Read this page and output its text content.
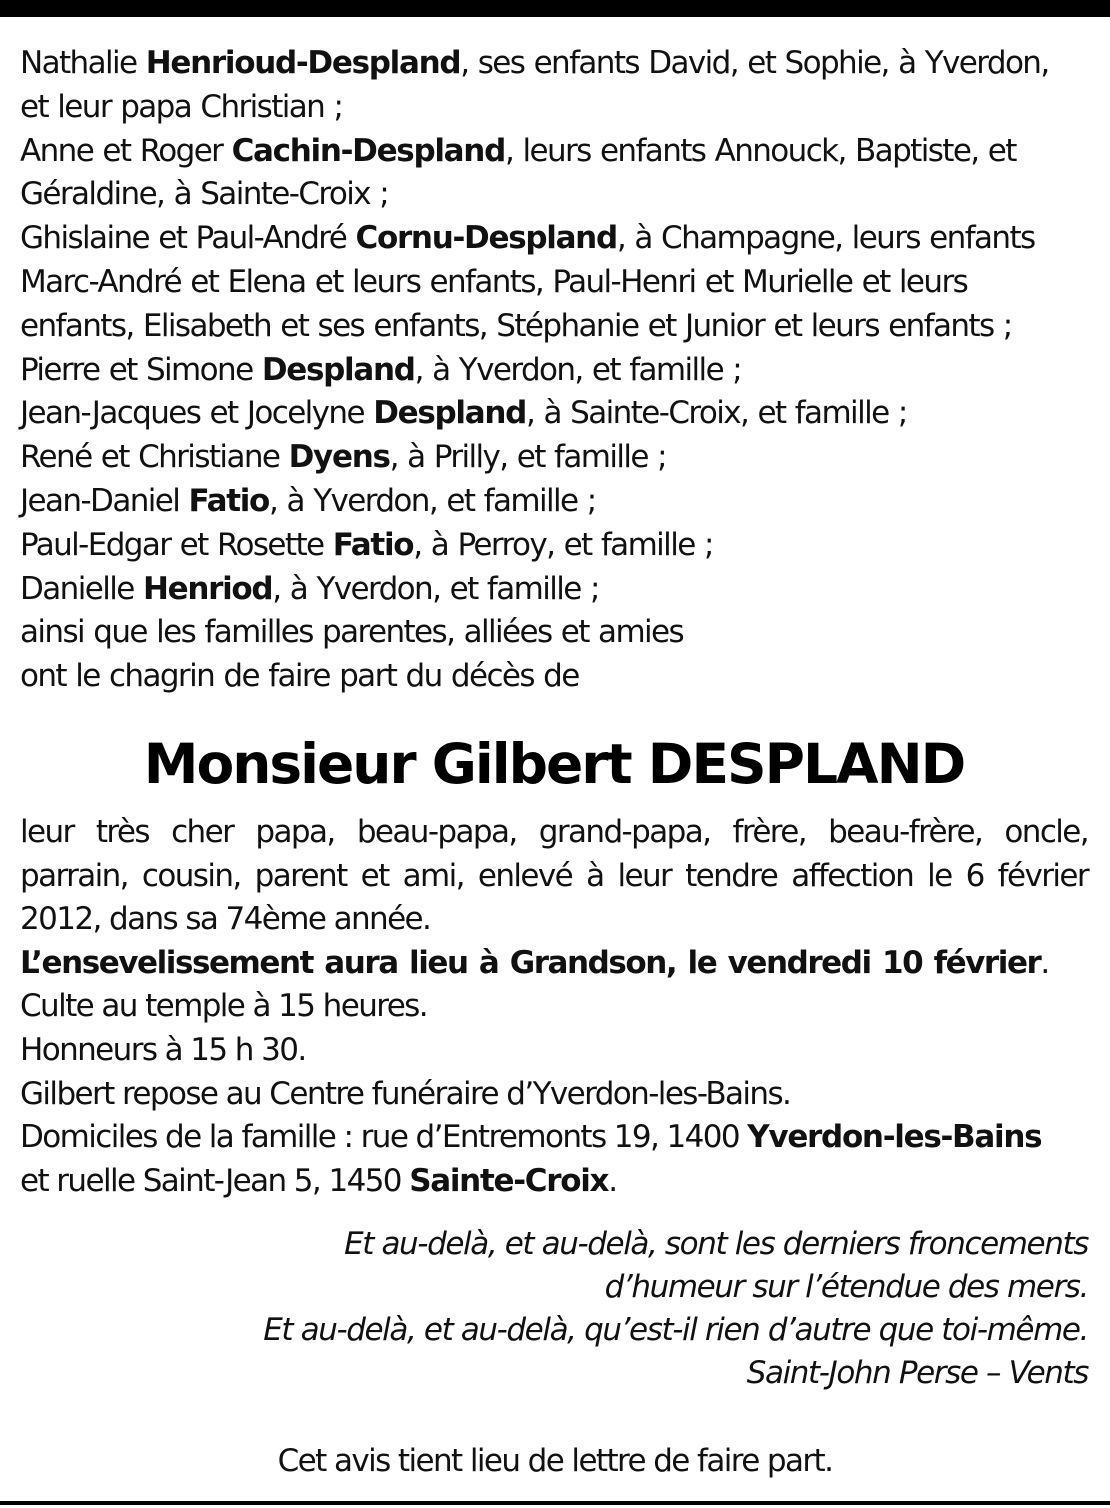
Nathalie Henrioud-Despland, ses enfants David, et Sophie, à Yverdon,
et leur papa Christian ;
Anne et Roger Cachin-Despland, leurs enfants Annouck, Baptiste, et
Géraldine, à Sainte-Croix ;
Ghislaine et Paul-André Cornu-Despland, à Champagne, leurs enfants
Marc-André et Elena et leurs enfants, Paul-Henri et Murielle et leurs
enfants, Elisabeth et ses enfants, Stéphanie et Junior et leurs enfants ;
Pierre et Simone Despland, à Yverdon, et famille ;
Jean-Jacques et Jocelyne Despland, à Sainte-Croix, et famille ;
René et Christiane Dyens, à Prilly, et famille ;
Jean-Daniel Fatio, à Yverdon, et famille ;
Paul-Edgar et Rosette Fatio, à Perroy, et famille ;
Danielle Henriod, à Yverdon, et famille ;
ainsi que les familles parentes, alliées et amies
ont le chagrin de faire part du décès de
Monsieur Gilbert DESPLAND
leur très cher papa, beau-papa, grand-papa, frère, beau-frère, oncle, parrain, cousin, parent et ami, enlevé à leur tendre affection le 6 février 2012, dans sa 74ème année.
L’ensevelissement aura lieu à Grandson, le vendredi 10 février.
Culte au temple à 15 heures.
Honneurs à 15 h 30.
Gilbert repose au Centre funéraire d’Yverdon-les-Bains.
Domiciles de la famille : rue d’Entremonts 19, 1400 Yverdon-les-Bains
et ruelle Saint-Jean 5, 1450 Sainte-Croix.
Et au-delà, et au-delà, sont les derniers froncements
d’humeur sur l’étendue des mers.
Et au-delà, et au-delà, qu’est-il rien d’autre que toi-même.
Saint-John Perse – Vents
Cet avis tient lieu de lettre de faire part.
